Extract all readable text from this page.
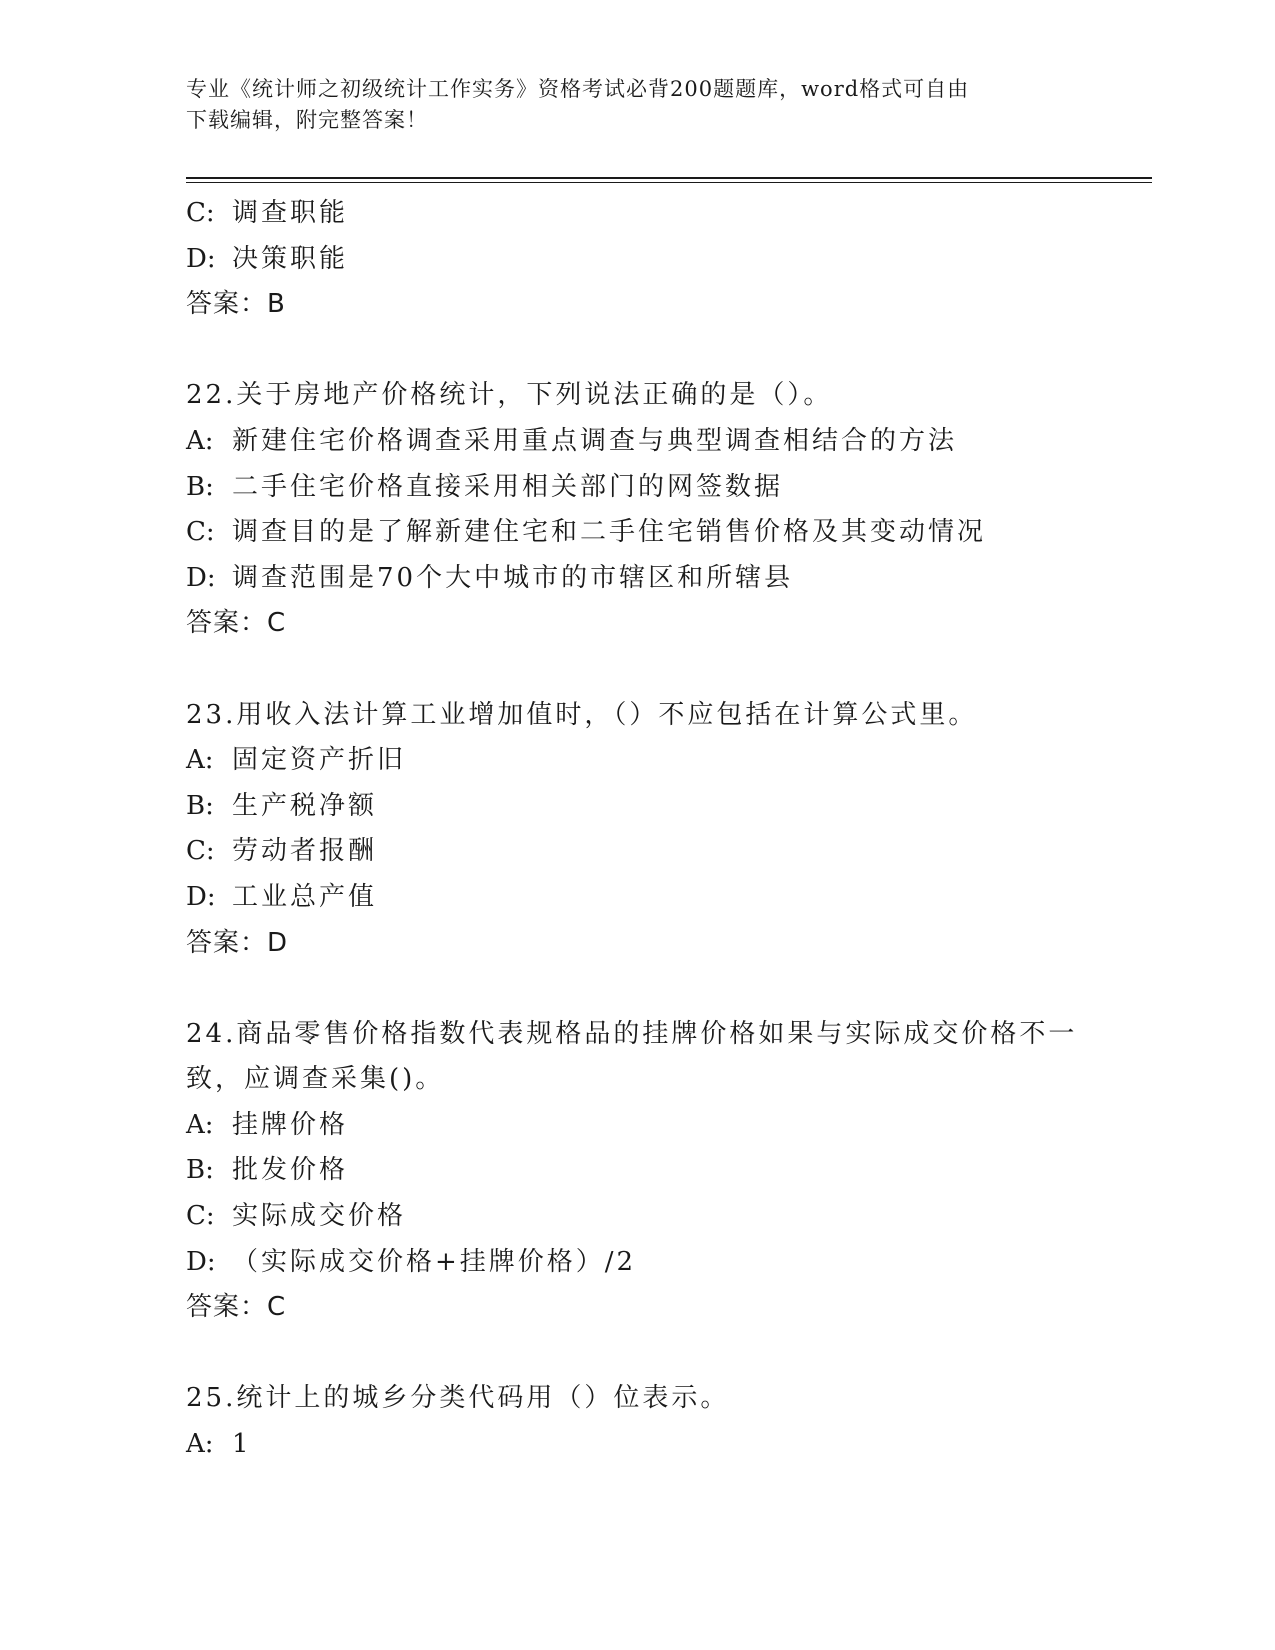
专业《统计师之初级统计工作实务》资格考试必背200题题库，word格式可自由
下载编辑，附完整答案！
C: 调查职能
D: 决策职能
答案：B
22.关于房地产价格统计，下列说法正确的是（）。
A: 新建住宅价格调查采用重点调查与典型调查相结合的方法
B: 二手住宅价格直接采用相关部门的网签数据
C: 调查目的是了解新建住宅和二手住宅销售价格及其变动情况
D: 调查范围是70个大中城市的市辖区和所辖县
答案：C
23.用收入法计算工业增加值时，（）不应包括在计算公式里。
A: 固定资产折旧
B: 生产税净额
C: 劳动者报酬
D: 工业总产值
答案：D
24.商品零售价格指数代表规格品的挂牌价格如果与实际成交价格不一
致，应调查采集()。
A: 挂牌价格
B: 批发价格
C: 实际成交价格
D: （实际成交价格+挂牌价格）/2
答案：C
25.统计上的城乡分类代码用（）位表示。
A: 1
